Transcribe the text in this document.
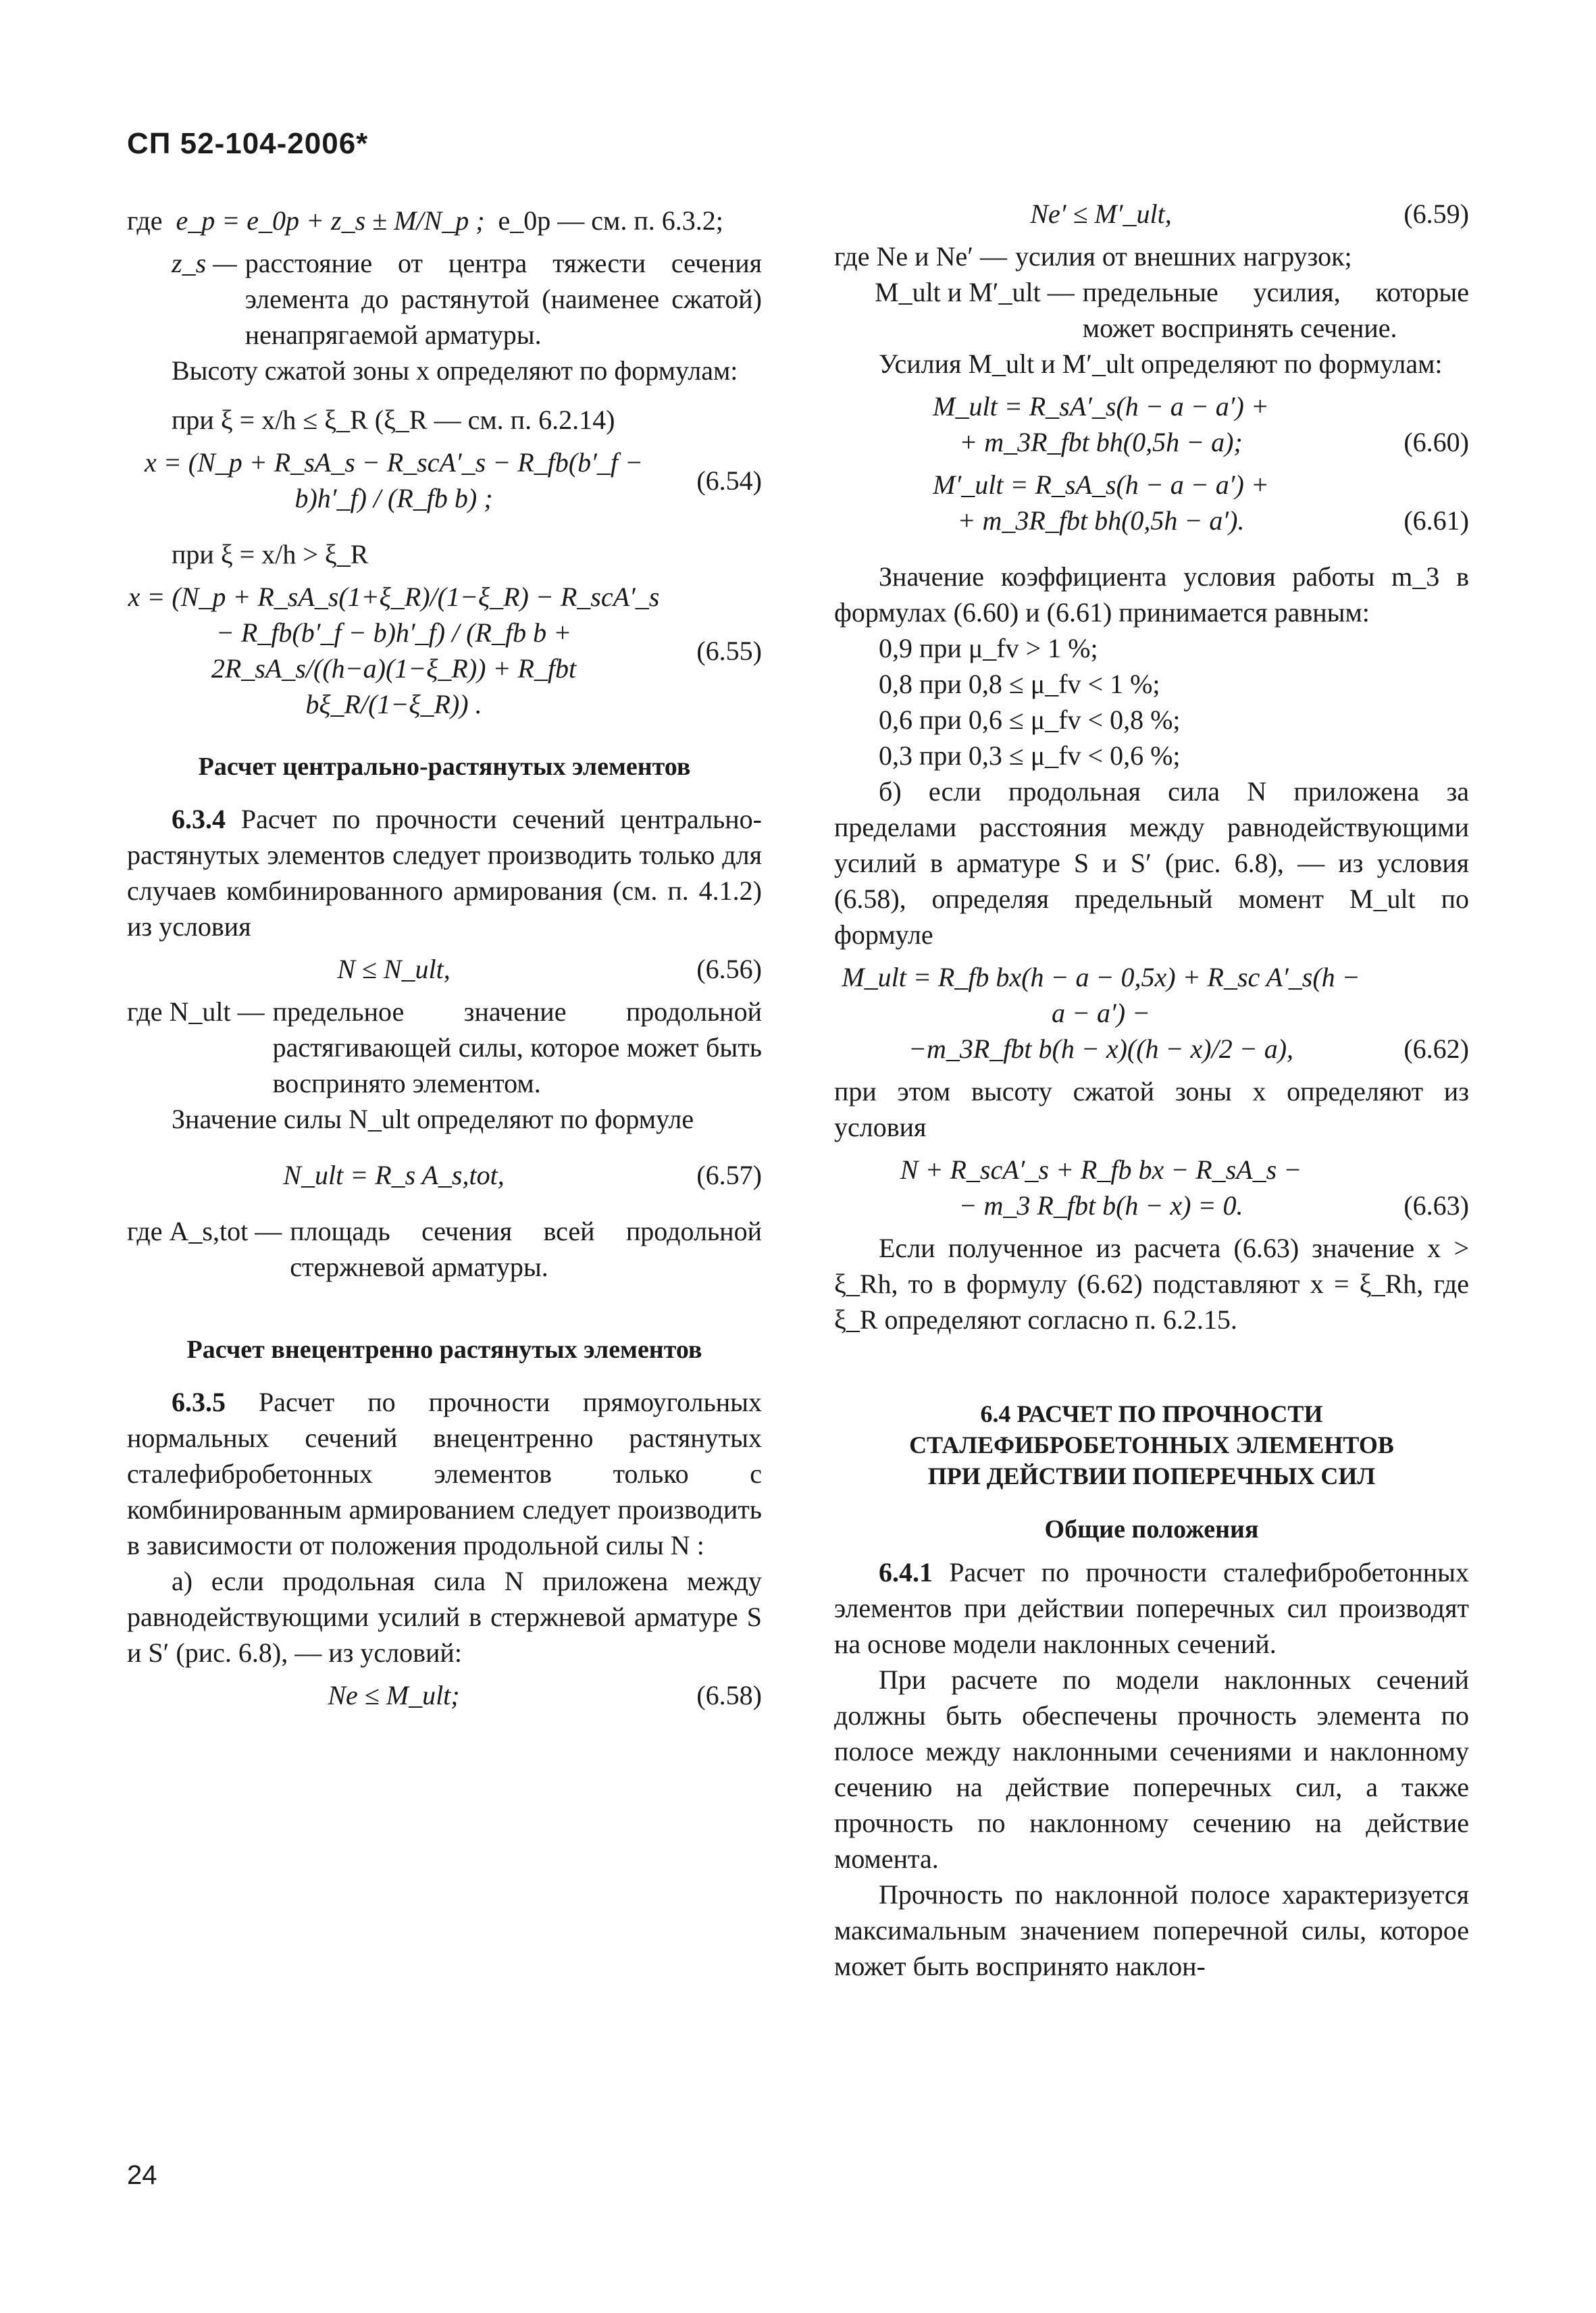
СП 52-104-2006*
где
e_p = e_0p + z_s ± M/N_p ;
e_0p — см. п. 6.3.2;
z_s — расстояние от центра тяжести сечения элемента до растянутой (наименее сжатой) ненапрягаемой арматуры.

Высоту сжатой зоны x определяют по формулам:

при ξ = x/h ≤ ξ_R (ξ_R — см. п. 6.2.14)

x = (N_p + R_sA_s − R_scA′_s − R_fb(b′_f − b)h′_f) / (R_fb b) ;
(6.54)

при ξ = x/h > ξ_R

x = (N_p + R_sA_s(1+ξ_R)/(1−ξ_R) − R_scA′_s − R_fb(b′_f − b)h′_f) / (R_fb b + 2R_sA_s/((h−a)(1−ξ_R)) + R_fbt bξ_R/(1−ξ_R)) .
(6.55)
Расчет центрально-растянутых элементов

6.3.4 Расчет по прочности сечений центрально-растянутых элементов следует производить только для случаев комбинированного армирования (см. п. 4.1.2) из условия

N ≤ N_ult,	(6.56)
где N_ult — предельное значение продольной растягивающей силы, которое может быть воспринято элементом.

Значение силы N_ult определяют по формуле

N_ult = R_s A_s,tot,	(6.57)
где A_s,tot — площадь сечения всей продольной стержневой арматуры.

Расчет внецентренно растянутых элементов

6.3.5 Расчет по прочности прямоугольных нормальных сечений внецентренно растянутых сталефибробетонных элементов только с комбинированным армированием следует производить в зависимости от положения продольной силы N :

а) если продольная сила N приложена между равнодействующими усилий в стержневой арматуре S и S′ (рис. 6.8), — из условий:

Ne ≤ M_ult;	(6.58)
Ne′ ≤ M′_ult,	(6.59)
где Ne и Ne′ — усилия от внешних нагрузок;

M_ult и M′_ult — предельные усилия, которые может воспринять сечение.

Усилия M_ult и M′_ult определяют по формулам:

M_ult = R_sA′_s(h − a − a′) +
+ m_3R_fbt bh(0,5h − a);	(6.60)
M′_ult = R_sA_s(h − a − a′) +
+ m_3R_fbt bh(0,5h − a′).	(6.61)

Значение коэффициента условия работы m_3 в формулах (6.60) и (6.61) принимается равным:

0,9 при μ_fv > 1 %;
0,8 при 0,8 ≤ μ_fv < 1 %;
0,6 при 0,6 ≤ μ_fv < 0,8 %;
0,3 при 0,3 ≤ μ_fv < 0,6 %;

б) если продольная сила N приложена за пределами расстояния между равнодействующими усилий в арматуре S и S′ (рис. 6.8), — из условия (6.58), определяя предельный момент M_ult по формуле

M_ult = R_fb bx(h − a − 0,5x) + R_sc A′_s(h − a − a′) −
−m_3R_fbt b(h − x)((h − x)/2 − a),	(6.62)

при этом высоту сжатой зоны x определяют из условия

N + R_scA′_s + R_fb bx − R_sA_s −
− m_3 R_fbt b(h − x) = 0.	(6.63)

Если полученное из расчета (6.63) значение x > ξ_Rh, то в формулу (6.62) подставляют x = ξ_Rh, где ξ_R определяют согласно п. 6.2.15.

6.4 РАСЧЕТ ПО ПРОЧНОСТИ
СТАЛЕФИБРОБЕТОННЫХ ЭЛЕМЕНТОВ
ПРИ ДЕЙСТВИИ ПОПЕРЕЧНЫХ СИЛ
Общие положения

6.4.1 Расчет по прочности сталефибробетонных элементов при действии поперечных сил производят на основе модели наклонных сечений.

При расчете по модели наклонных сечений должны быть обеспечены прочность элемента по полосе между наклонными сечениями и наклонному сечению на действие поперечных сил, а также прочность по наклонному сечению на действие момента.

Прочность по наклонной полосе характеризуется максимальным значением поперечной силы, которое может быть воспринято наклон-

24
